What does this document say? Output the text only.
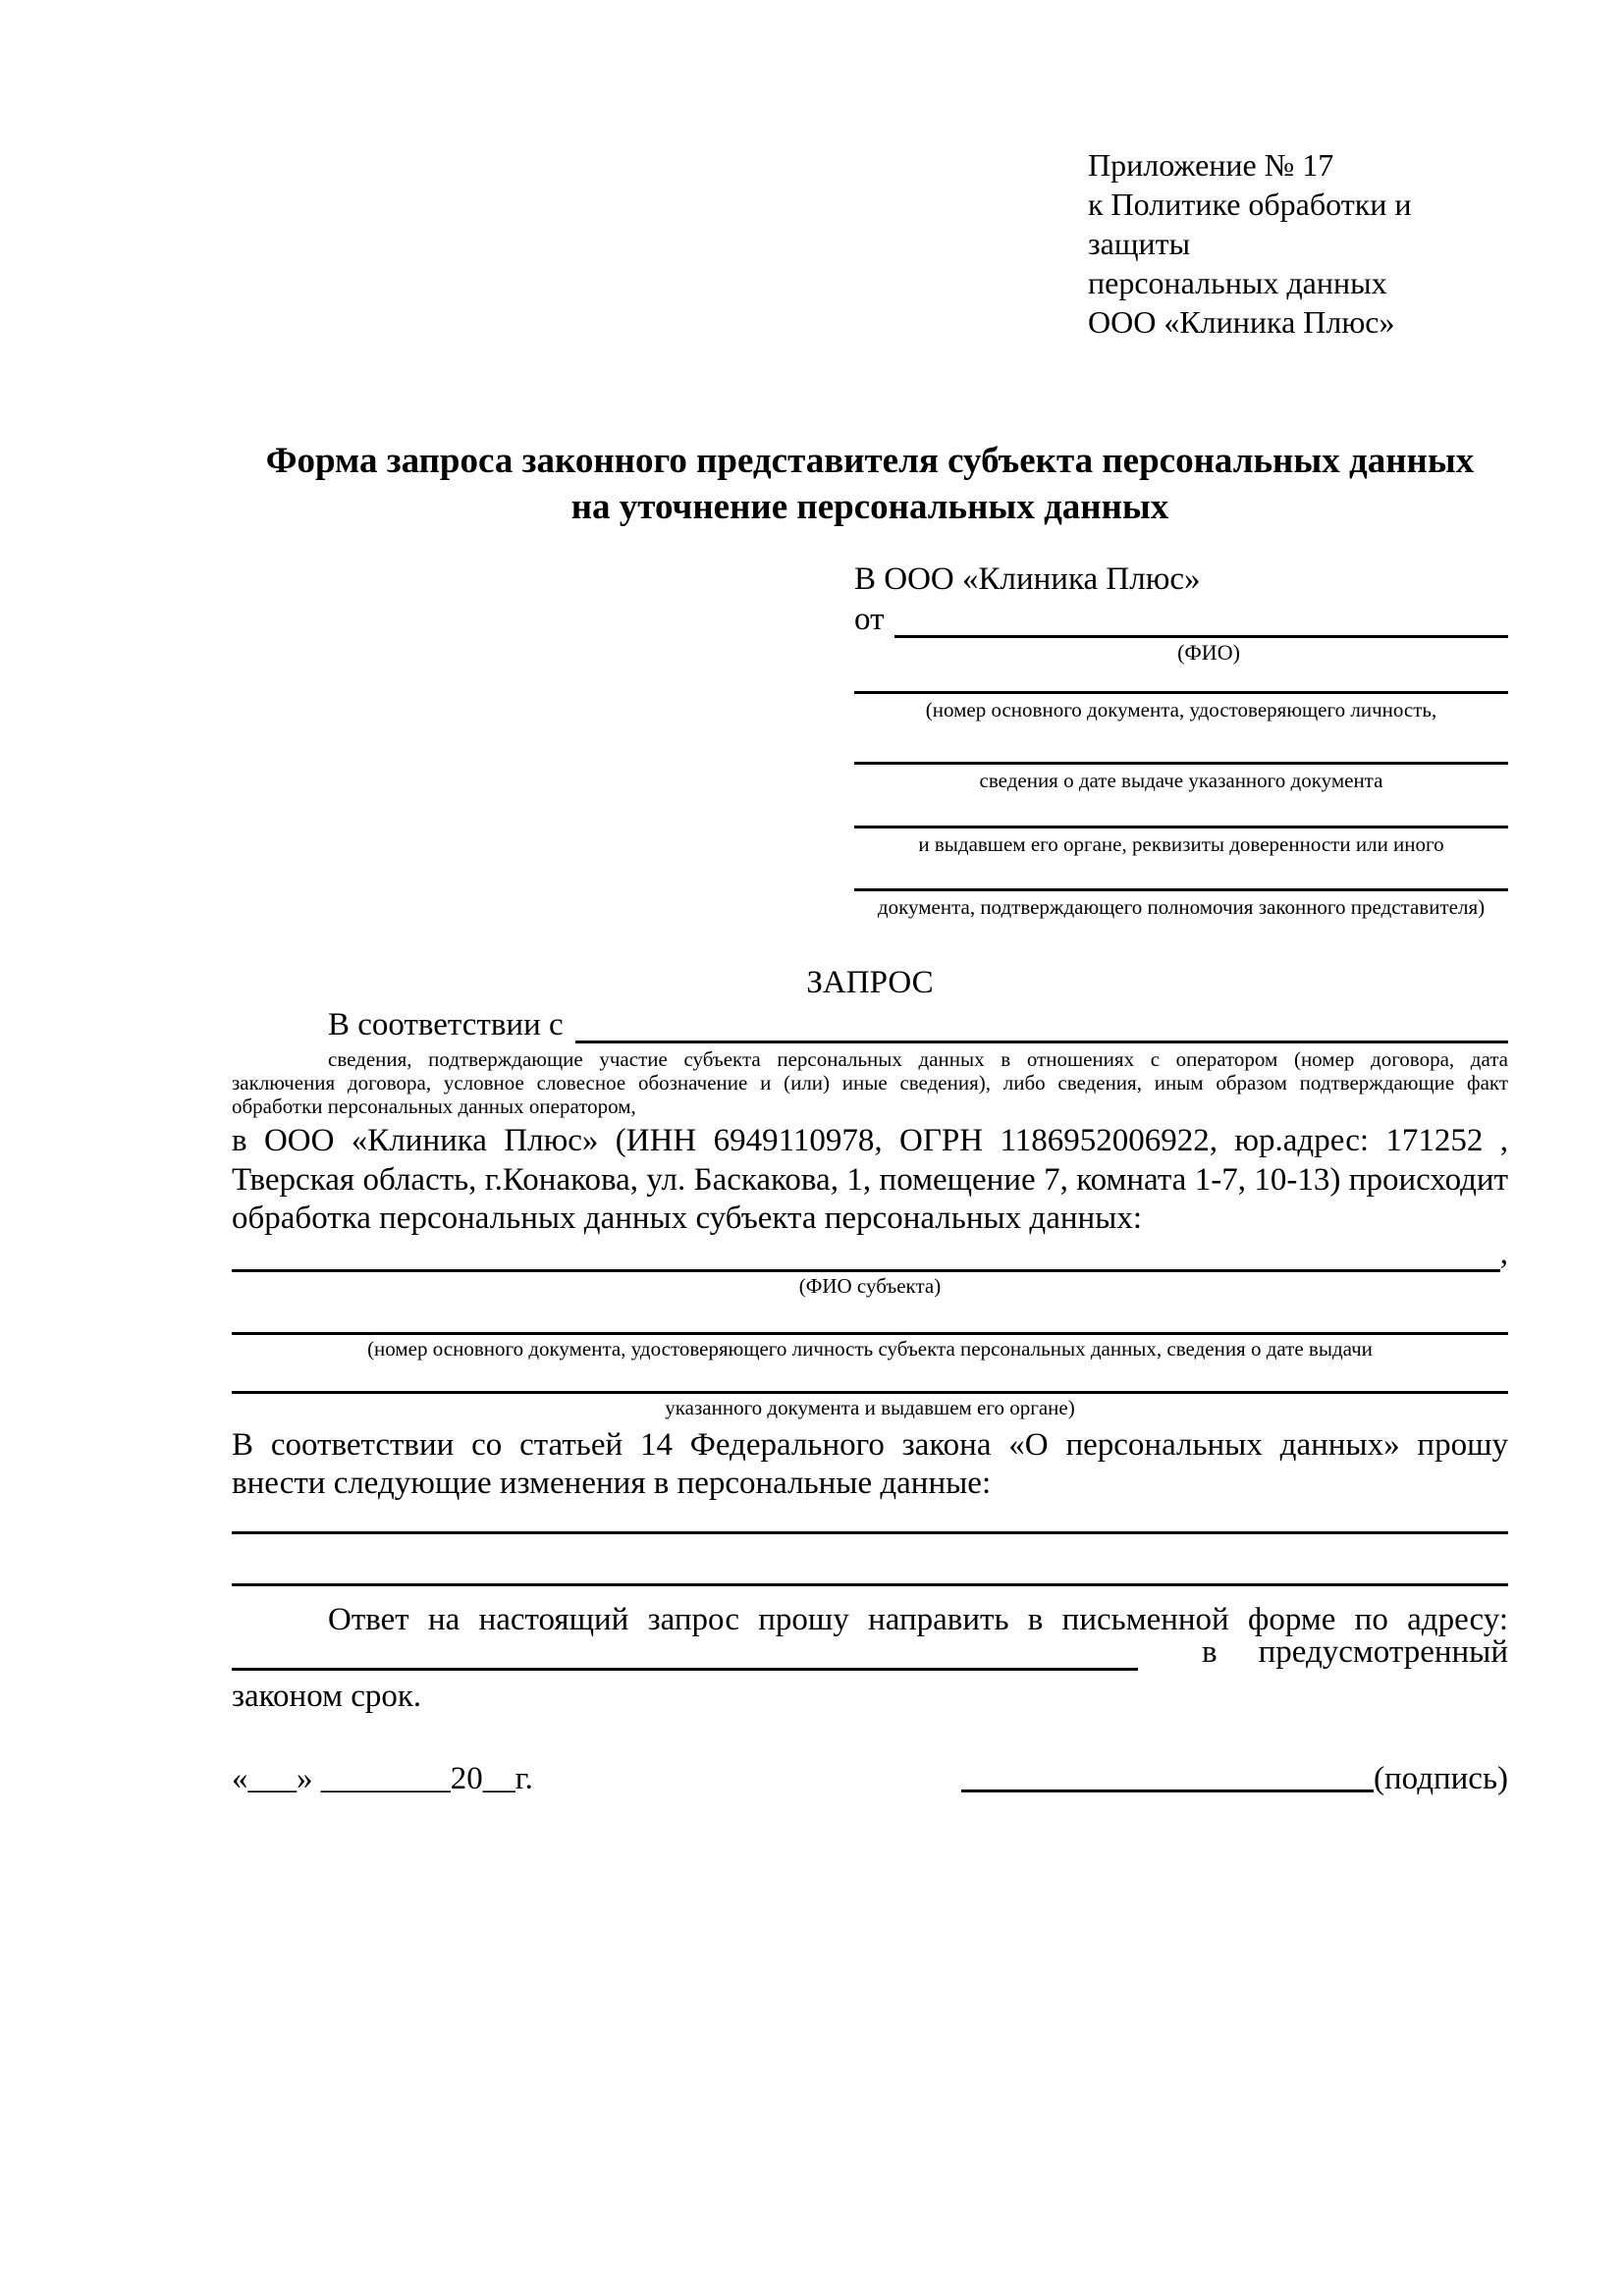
Приложение № 17
к Политике обработки и защиты
персональных данных
ООО «Клиника Плюс»
Форма запроса законного представителя субъекта персональных данных
на уточнение персональных данных
В ООО «Клиника Плюс»
от
(ФИО)
(номер основного документа, удостоверяющего личность,
сведения о дате выдаче указанного документа
и выдавшем его органе, реквизиты доверенности или иного
документа, подтверждающего полномочия законного представителя)
ЗАПРОС
В соответствии с
сведения, подтверждающие участие субъекта персональных данных в отношениях с оператором (номер договора, дата
заключения договора, условное словесное обозначение и (или) иные сведения), либо сведения, иным образом подтверждающие факт
обработки персональных данных оператором,
в ООО «Клиника Плюс» (ИНН 6949110978, ОГРН 1186952006922, юр.адрес: 171252 , Тверская область, г.Конакова, ул. Баскакова, 1, помещение 7, комната 1-7, 10-13) происходит обработка персональных данных субъекта персональных данных:
,
(ФИО субъекта)
(номер основного документа, удостоверяющего личность субъекта персональных данных, сведения о дате выдачи
указанного документа и выдавшем его органе)
В соответствии со статьей 14 Федерального закона «О персональных данных» прошу внести следующие изменения в персональные данные:
Ответ на настоящий запрос прошу направить в письменной форме по адресу:
в предусмотренный
законом срок.
«___» ________20__г.	(подпись)
